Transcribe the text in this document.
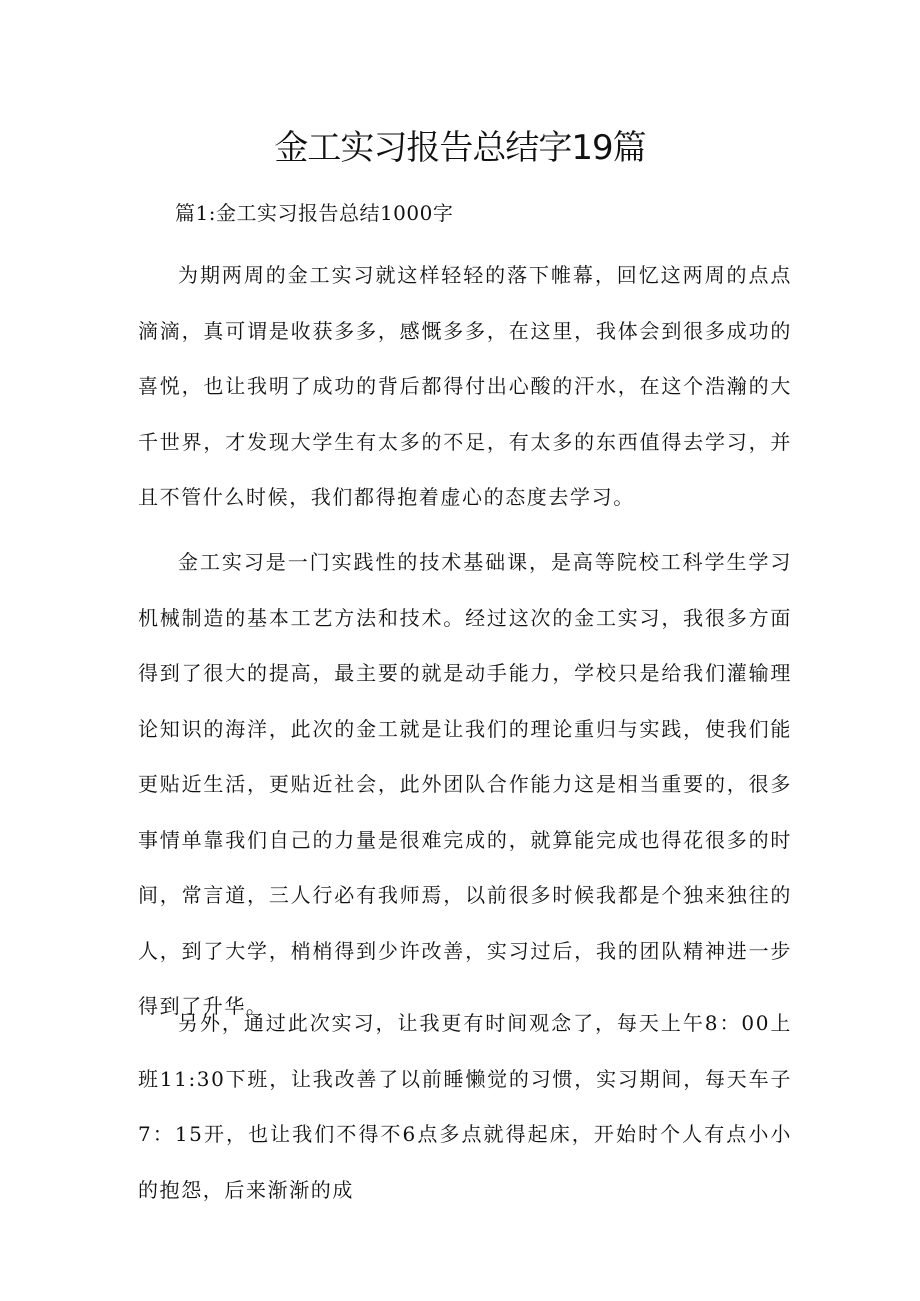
金工实习报告总结字19篇

篇1:金工实习报告总结1000字

为期两周的金工实习就这样轻轻的落下帷幕，回忆这两周的点点滴滴，真可谓是收获多多，感慨多多，在这里，我体会到很多成功的喜悦，也让我明了成功的背后都得付出心酸的汗水，在这个浩瀚的大千世界，才发现大学生有太多的不足，有太多的东西值得去学习，并且不管什么时候，我们都得抱着虚心的态度去学习。

金工实习是一门实践性的技术基础课，是高等院校工科学生学习机械制造的基本工艺方法和技术。经过这次的金工实习，我很多方面得到了很大的提高，最主要的就是动手能力，学校只是给我们灌输理论知识的海洋，此次的金工就是让我们的理论重归与实践，使我们能更贴近生活，更贴近社会，此外团队合作能力这是相当重要的，很多事情单靠我们自己的力量是很难完成的，就算能完成也得花很多的时间，常言道，三人行必有我师焉，以前很多时候我都是个独来独往的人，到了大学，梢梢得到少许改善，实习过后，我的团队精神进一步得到了升华。

另外，通过此次实习，让我更有时间观念了，每天上午8：00上班11:30下班，让我改善了以前睡懒觉的习惯，实习期间，每天车子7：15开，也让我们不得不6点多点就得起床，开始时个人有点小小的抱怨，后来渐渐的成
